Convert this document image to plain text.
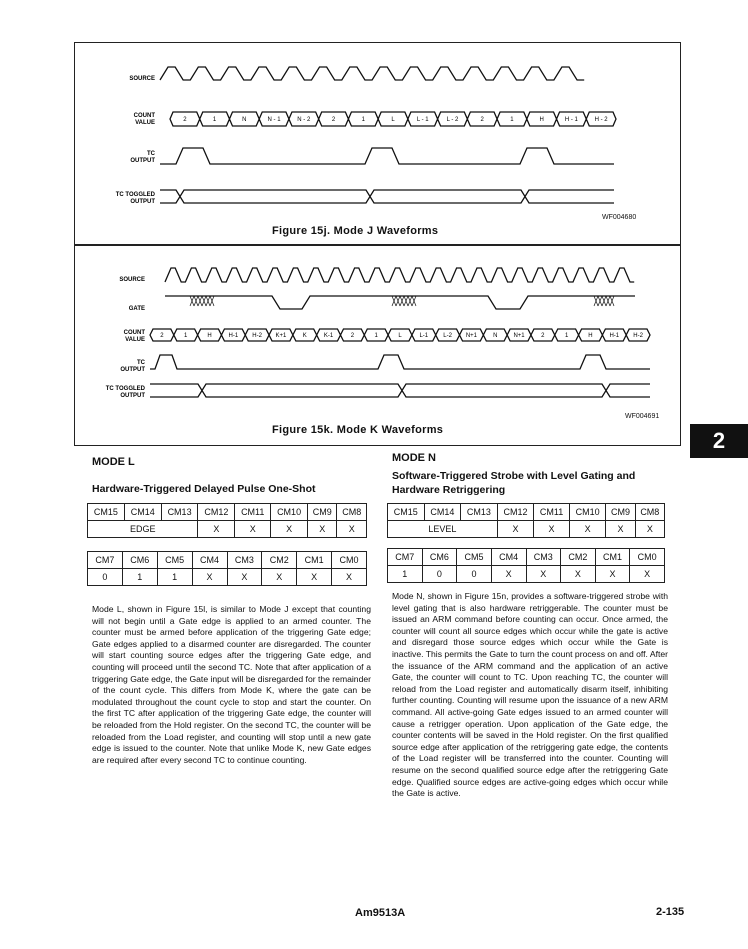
SOURCE
COUNT
VALUE
TC
OUTPUT
TC TOGGLED
OUTPUT
SOURCE
GATE
COUNT
VALUE
TC
OUTPUT
TC TOGGLED
OUTPUT
2	1	N	N - 1	N - 2	2	1	L	L - 1	L - 2	2	1	H	H - 1	H - 2
2	1	H	H-1 H-2 K+1	K	K-1	2	1	L	L-1	L-2 N+1	N	N+1	2	1	H	H-1 H-2
WF004680
Figure 15j. Mode J Waveforms
WF004691
Figure 15k. Mode K Waveforms	2
MODE L
Hardware-Triggered Delayed Pulse One-Shot
CM15	CM14	CM13	CM12	CM11	CM10	CM9	CM8
EDGE			X	X	X	X	X
CM7	CM6	CM5	CM4	CM3	CM2	CM1	CM0
0	1	1	X	X	X	X	X
Mode L, shown in Figure 15l, is similar to Mode J except that counting will not begin until a Gate edge is applied to an armed counter. The counter must be armed before application of the triggering Gate edge; Gate edges applied to a disarmed counter are disregarded. The counter will start counting source edges after the triggering Gate edge, and counting will proceed until the second TC. Note that after application of a triggering Gate edge, the Gate input will be disregarded for the remainder of the count cycle. This differs from Mode K, where the gate can be modulated throughout the count cycle to stop and start the counter. On the first TC after application of the triggering Gate edge, the counter will be reloaded from the Hold register. On the second TC, the counter will be reloaded from the Load register, and counting will stop until a new gate edge is issued to the counter. Note that unlike Mode K, new Gate edges are required after every second TC to continue counting.
MODE N
Software-Triggered Strobe with Level Gating and Hardware Retriggering
CM15	CM14	CM13	CM12	CM11	CM10	CM9	CM8
LEVEL			X	X	X	X	X
CM7	CM6	CM5	CM4	CM3	CM2	CM1	CM0
1	0	0	X	X	X	X	X
Mode N, shown in Figure 15n, provides a software-triggered strobe with level gating that is also hardware retriggerable. The counter must be issued an ARM command before counting can occur. Once armed, the counter will count all source edges which occur while the gate is active and disregard those source edges which occur while the Gate is inactive. This permits the Gate to turn the count process on and off. After the issuance of the ARM command and the application of an active Gate, the counter will count to TC. Upon reaching TC, the counter will reload from the Load register and automatically disarm itself, inhibiting further counting. Counting will resume upon the issuance of a new ARM command. All active-going Gate edges issued to an armed counter will cause a retrigger operation. Upon application of the Gate edge, the counter contents will be saved in the Hold register. On the first qualified source edge after application of the retriggering gate edge, the contents of the Load register will be transferred into the counter. Counting will resume on the second qualified source edge after the retriggering Gate edge. Qualified source edges are active-going edges which occur while the Gate is active.
Am9513A	2-135
